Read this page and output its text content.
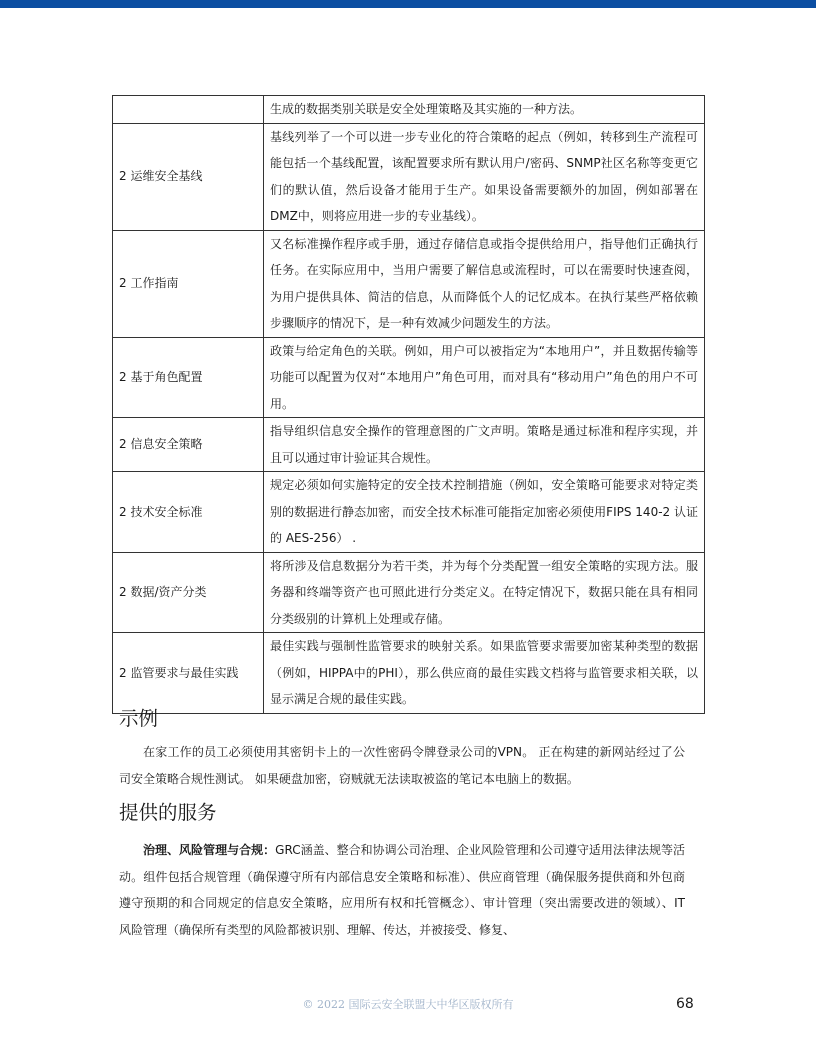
	生成的数据类别关联是安全处理策略及其实施的一种方法。
2 运维安全基线	基线列举了一个可以进一步专业化的符合策略的起点（例如，转移到生产流程可能包括一个基线配置，该配置要求所有默认用户/密码、SNMP社区名称等变更它们的默认值，然后设备才能用于生产。如果设备需要额外的加固，例如部署在DMZ中，则将应用进一步的专业基线）。
2 工作指南	又名标准操作程序或手册，通过存储信息或指令提供给用户，指导他们正确执行任务。在实际应用中，当用户需要了解信息或流程时，可以在需要时快速查阅，为用户提供具体、简洁的信息，从而降低个人的记忆成本。在执行某些严格依赖步骤顺序的情况下，是一种有效减少问题发生的方法。
2 基于角色配置	政策与给定角色的关联。例如，用户可以被指定为“本地用户”，并且数据传输等功能可以配置为仅对“本地用户”角色可用，而对具有“移动用户”角色的用户不可用。
2 信息安全策略	指导组织信息安全操作的管理意图的广文声明。策略是通过标准和程序实现，并且可以通过审计验证其合规性。
2 技术安全标准	规定必须如何实施特定的安全技术控制措施（例如，安全策略可能要求对特定类别的数据进行静态加密，而安全技术标准可能指定加密必须使用FIPS 140-2 认证的 AES-256） .
2 数据/资产分类	将所涉及信息数据分为若干类，并为每个分类配置一组安全策略的实现方法。服务器和终端等资产也可照此进行分类定义。在特定情况下，数据只能在具有相同分类级别的计算机上处理或存储。
2 监管要求与最佳实践	最佳实践与强制性监管要求的映射关系。如果监管要求需要加密某种类型的数据（例如，HIPPA中的PHI），那么供应商的最佳实践文档将与监管要求相关联，以显示满足合规的最佳实践。
示例

在家工作的员工必须使用其密钥卡上的一次性密码令牌登录公司的VPN。 正在构建的新网站经过了公司安全策略合规性测试。 如果硬盘加密，窃贼就无法读取被盗的笔记本电脑上的数据。

提供的服务

治理、风险管理与合规：GRC涵盖、整合和协调公司治理、企业风险管理和公司遵守适用法律法规等活动。组件包括合规管理（确保遵守所有内部信息安全策略和标准）、供应商管理（确保服务提供商和外包商遵守预期的和合同规定的信息安全策略，应用所有权和托管概念）、审计管理（突出需要改进的领域）、IT 风险管理（确保所有类型的风险都被识别、理解、传达，并被接受、修复、

© 2022 国际云安全联盟大中华区版权所有	68
